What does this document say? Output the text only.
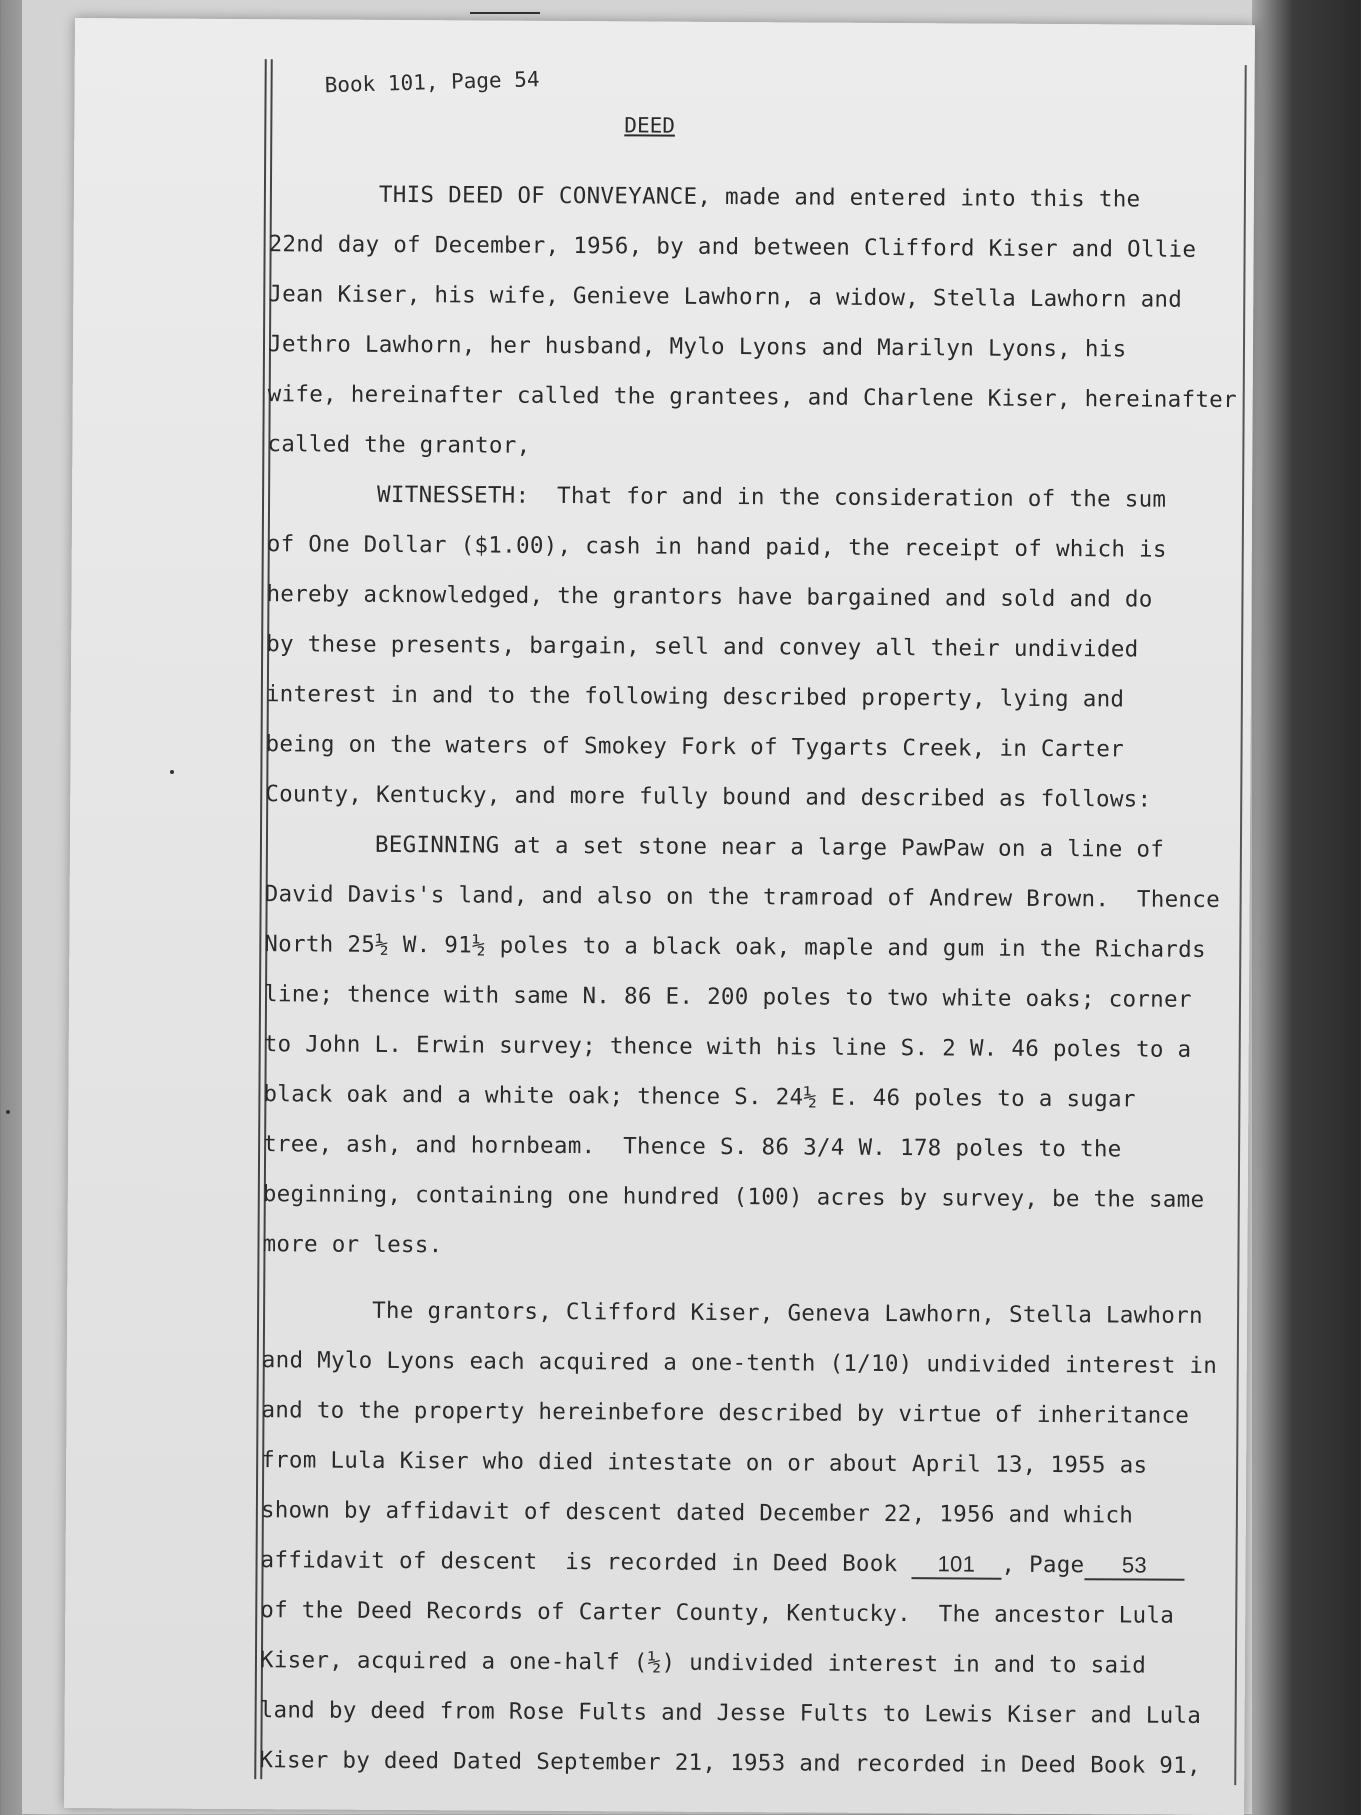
Book 101, Page 54
DEED
THIS DEED OF CONVEYANCE, made and entered into this the
22nd day of December, 1956, by and between Clifford Kiser and Ollie
Jean Kiser, his wife, Genieve Lawhorn, a widow, Stella Lawhorn and
Jethro Lawhorn, her husband, Mylo Lyons and Marilyn Lyons, his
wife, hereinafter called the grantees, and Charlene Kiser, hereinafter
called the grantor,
WITNESSETH:  That for and in the consideration of the sum
of One Dollar ($1.00), cash in hand paid, the receipt of which is
hereby acknowledged, the grantors have bargained and sold and do
by these presents, bargain, sell and convey all their undivided
interest in and to the following described property, lying and
being on the waters of Smokey Fork of Tygarts Creek, in Carter
County, Kentucky, and more fully bound and described as follows:
BEGINNING at a set stone near a large PawPaw on a line of
David Davis's land, and also on the tramroad of Andrew Brown.  Thence
North 25½ W. 91½ poles to a black oak, maple and gum in the Richards
line; thence with same N. 86 E. 200 poles to two white oaks; corner
to John L. Erwin survey; thence with his line S. 2 W. 46 poles to a
black oak and a white oak; thence S. 24½ E. 46 poles to a sugar
tree, ash, and hornbeam.  Thence S. 86 3/4 W. 178 poles to the
beginning, containing one hundred (100) acres by survey, be the same
more or less.
The grantors, Clifford Kiser, Geneva Lawhorn, Stella Lawhorn
and Mylo Lyons each acquired a one-tenth (1/10) undivided interest in
and to the property hereinbefore described by virtue of inheritance
from Lula Kiser who died intestate on or about April 13, 1955 as
shown by affidavit of descent dated December 22, 1956 and which
affidavit of descent  is recorded in Deed Book 101 , Page 53
of the Deed Records of Carter County, Kentucky.  The ancestor Lula
Kiser, acquired a one-half (½) undivided interest in and to said
land by deed from Rose Fults and Jesse Fults to Lewis Kiser and Lula
Kiser by deed Dated September 21, 1953 and recorded in Deed Book 91,
